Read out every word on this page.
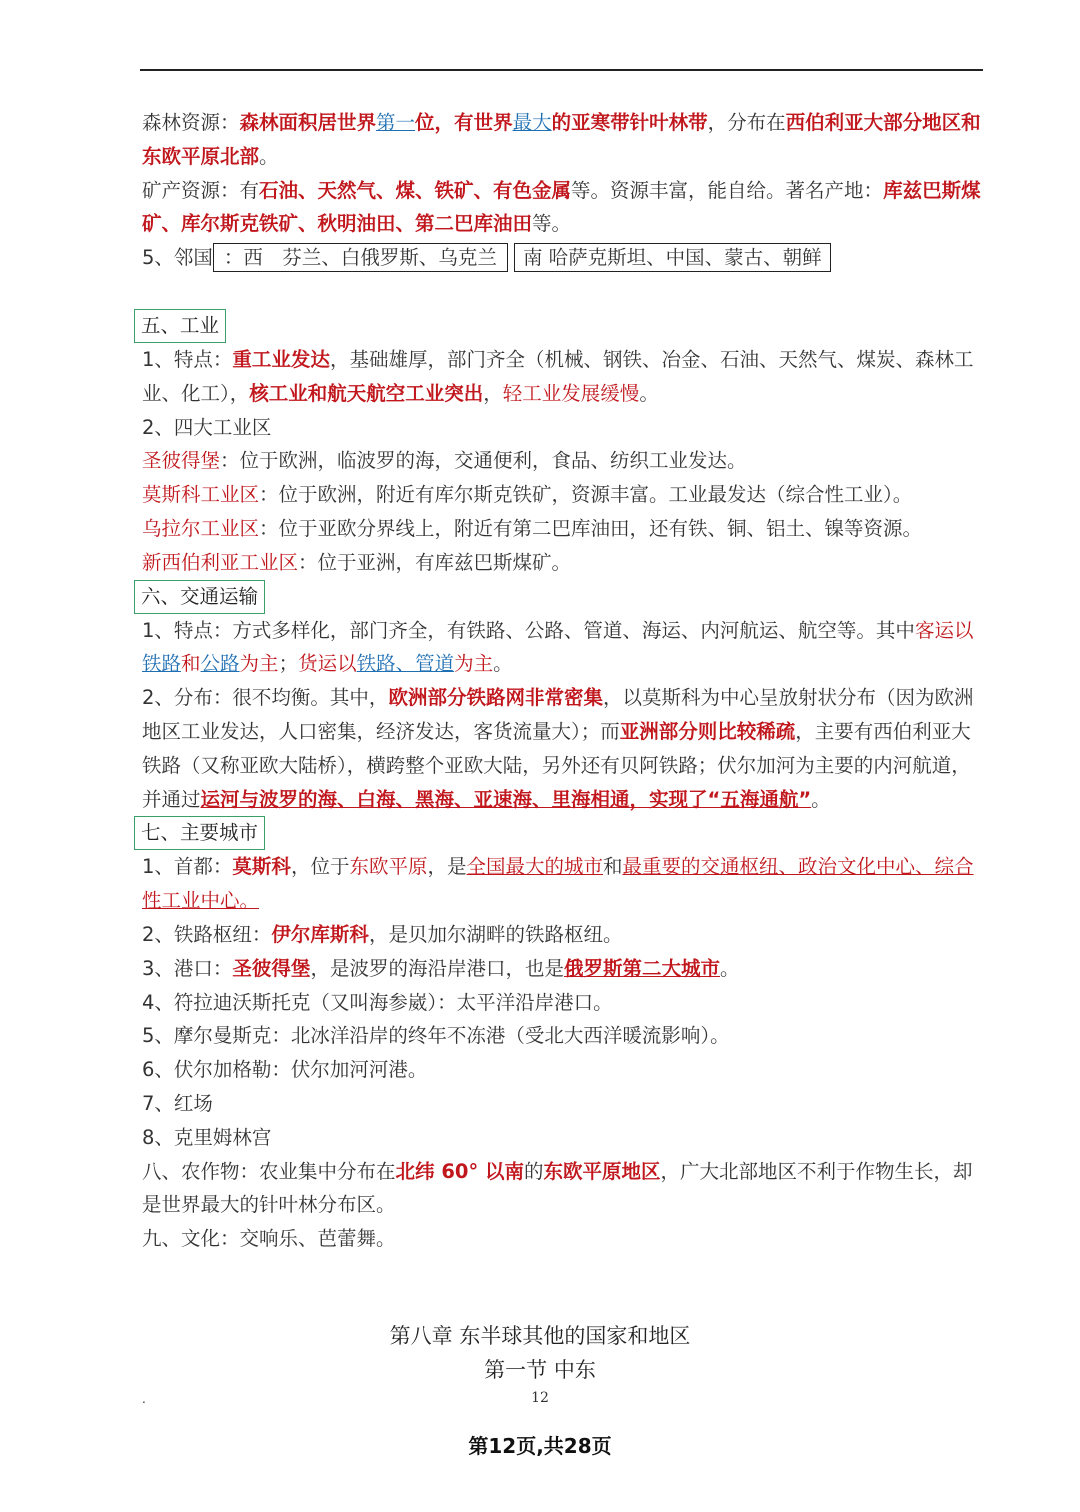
森林资源：森林面积居世界第一位，有世界最大的亚寒带针叶林带，分布在西伯利亚大部分地区和东欧平原北部。

矿产资源：有石油、天然气、煤、铁矿、有色金属等。资源丰富，能自给。著名产地：库兹巴斯煤矿、库尔斯克铁矿、秋明油田、第二巴库油田等。

5、邻国 ：西　芬兰、白俄罗斯、乌克兰 南 哈萨克斯坦、中国、蒙古、朝鲜

五、工业

1、特点：重工业发达，基础雄厚，部门齐全（机械、钢铁、冶金、石油、天然气、煤炭、森林工业、化工），核工业和航天航空工业突出，轻工业发展缓慢。

2、四大工业区

圣彼得堡：位于欧洲，临波罗的海，交通便利，食品、纺织工业发达。

莫斯科工业区：位于欧洲，附近有库尔斯克铁矿，资源丰富。工业最发达（综合性工业）。

乌拉尔工业区：位于亚欧分界线上，附近有第二巴库油田，还有铁、铜、铝土、镍等资源。

新西伯利亚工业区：位于亚洲，有库兹巴斯煤矿。

六、交通运输

1、特点：方式多样化，部门齐全，有铁路、公路、管道、海运、内河航运、航空等。其中客运以铁路和公路为主；货运以铁路、管道为主。

2、分布：很不均衡。其中，欧洲部分铁路网非常密集，以莫斯科为中心呈放射状分布（因为欧洲地区工业发达，人口密集，经济发达，客货流量大）；而亚洲部分则比较稀疏，主要有西伯利亚大铁路（又称亚欧大陆桥），横跨整个亚欧大陆，另外还有贝阿铁路；伏尔加河为主要的内河航道，并通过运河与波罗的海、白海、黑海、亚速海、里海相通，实现了“五海通航”。

七、主要城市

1、首都：莫斯科，位于东欧平原，是全国最大的城市和最重要的交通枢纽、政治文化中心、综合性工业中心。

2、铁路枢纽：伊尔库斯科，是贝加尔湖畔的铁路枢纽。

3、港口：圣彼得堡，是波罗的海沿岸港口，也是俄罗斯第二大城市。

4、符拉迪沃斯托克（又叫海参崴）：太平洋沿岸港口。

5、摩尔曼斯克：北冰洋沿岸的终年不冻港（受北大西洋暖流影响）。

6、伏尔加格勒：伏尔加河河港。

7、红场

8、克里姆林宫

八、农作物：农业集中分布在北纬 60° 以南的东欧平原地区，广大北部地区不利于作物生长，却是世界最大的针叶林分布区。

九、文化：交响乐、芭蕾舞。

第八章 东半球其他的国家和地区
第一节 中东
.	12
第12页,共28页
